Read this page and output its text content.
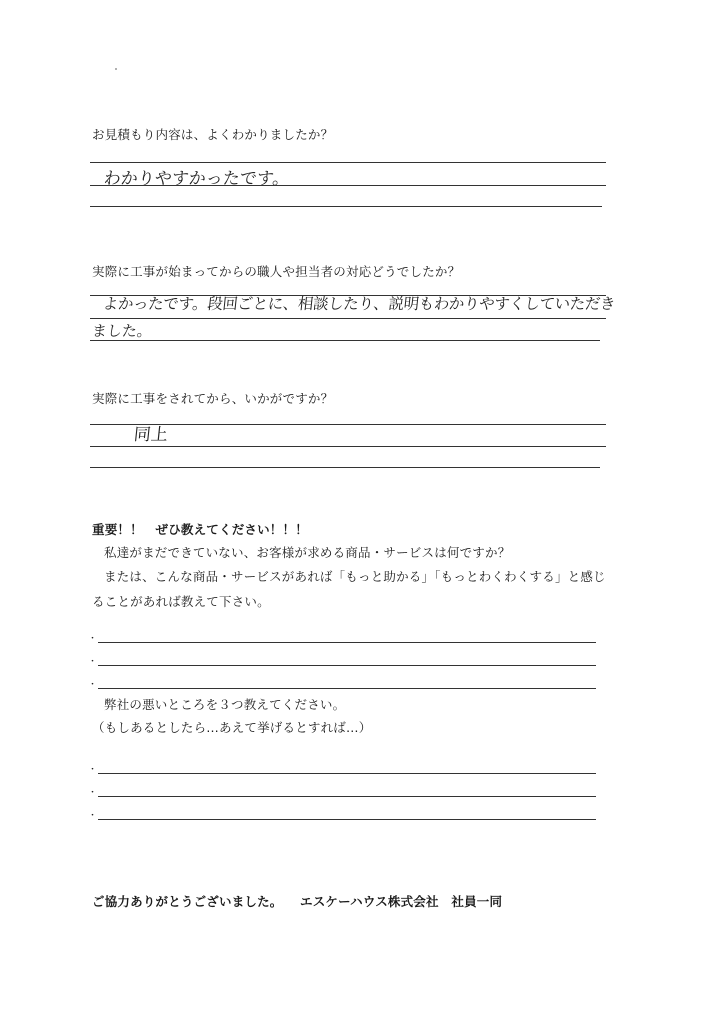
お見積もり内容は、よくわかりましたか？
わかりやすかったです。
実際に工事が始まってからの職人や担当者の対応どうでしたか？
よかったです。段回ごとに、相談したり、説明もわかりやすくしていただき
ました。
実際に工事をされてから、いかがですか？
同上
重要！！　ぜひ教えてください！！！
私達がまだできていない、お客様が求める商品・サービスは何ですか？
または、こんな商品・サービスがあれば「もっと助かる」「もっとわくわくする」と感じ
ることがあれば教えて下さい。
・
・
・
弊社の悪いところを３つ教えてください。
（もしあるとしたら…あえて挙げるとすれば…）
・
・
・
ご協力ありがとうございました。 エスケーハウス株式会社　社員一同
